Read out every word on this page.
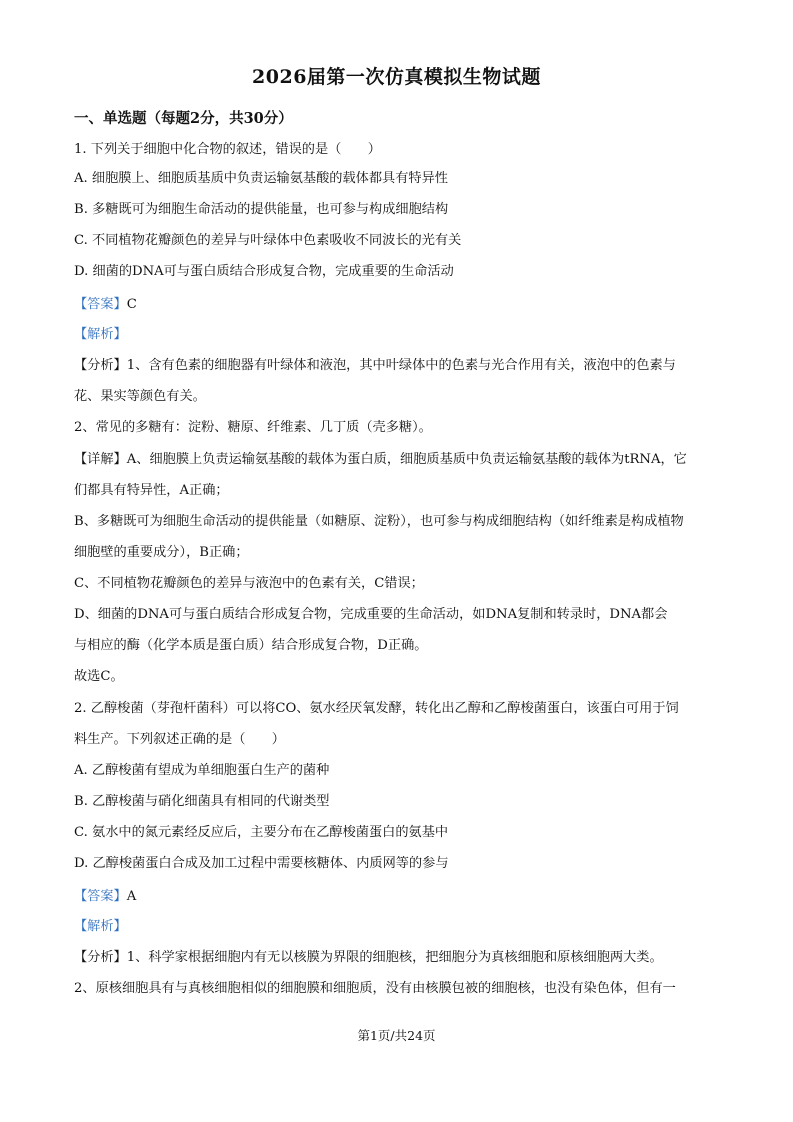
2026届第一次仿真模拟生物试题
一、单选题（每题2分，共30分）
1. 下列关于细胞中化合物的叙述，错误的是（　　）
A. 细胞膜上、细胞质基质中负责运输氨基酸的载体都具有特异性
B. 多糖既可为细胞生命活动的提供能量，也可参与构成细胞结构
C. 不同植物花瓣颜色的差异与叶绿体中色素吸收不同波长的光有关
D. 细菌的DNA可与蛋白质结合形成复合物，完成重要的生命活动
【答案】C
【解析】
【分析】1、含有色素的细胞器有叶绿体和液泡，其中叶绿体中的色素与光合作用有关，液泡中的色素与
花、果实等颜色有关。
2、常见的多糖有：淀粉、糖原、纤维素、几丁质（壳多糖）。
【详解】A、细胞膜上负责运输氨基酸的载体为蛋白质，细胞质基质中负责运输氨基酸的载体为tRNA，它
们都具有特异性，A正确；
B、多糖既可为细胞生命活动的提供能量（如糖原、淀粉），也可参与构成细胞结构（如纤维素是构成植物
细胞壁的重要成分），B正确；
C、不同植物花瓣颜色的差异与液泡中的色素有关，C错误；
D、细菌的DNA可与蛋白质结合形成复合物，完成重要的生命活动，如DNA复制和转录时，DNA都会
与相应的酶（化学本质是蛋白质）结合形成复合物，D正确。
故选C。
2. 乙醇梭菌（芽孢杆菌科）可以将CO、氨水经厌氧发酵，转化出乙醇和乙醇梭菌蛋白，该蛋白可用于饲
料生产。下列叙述正确的是（　　）
A. 乙醇梭菌有望成为单细胞蛋白生产的菌种
B. 乙醇梭菌与硝化细菌具有相同的代谢类型
C. 氨水中的氮元素经反应后，主要分布在乙醇梭菌蛋白的氨基中
D. 乙醇梭菌蛋白合成及加工过程中需要核糖体、内质网等的参与
【答案】A
【解析】
【分析】1、科学家根据细胞内有无以核膜为界限的细胞核，把细胞分为真核细胞和原核细胞两大类。
2、原核细胞具有与真核细胞相似的细胞膜和细胞质，没有由核膜包被的细胞核，也没有染色体，但有一
第1页/共24页
